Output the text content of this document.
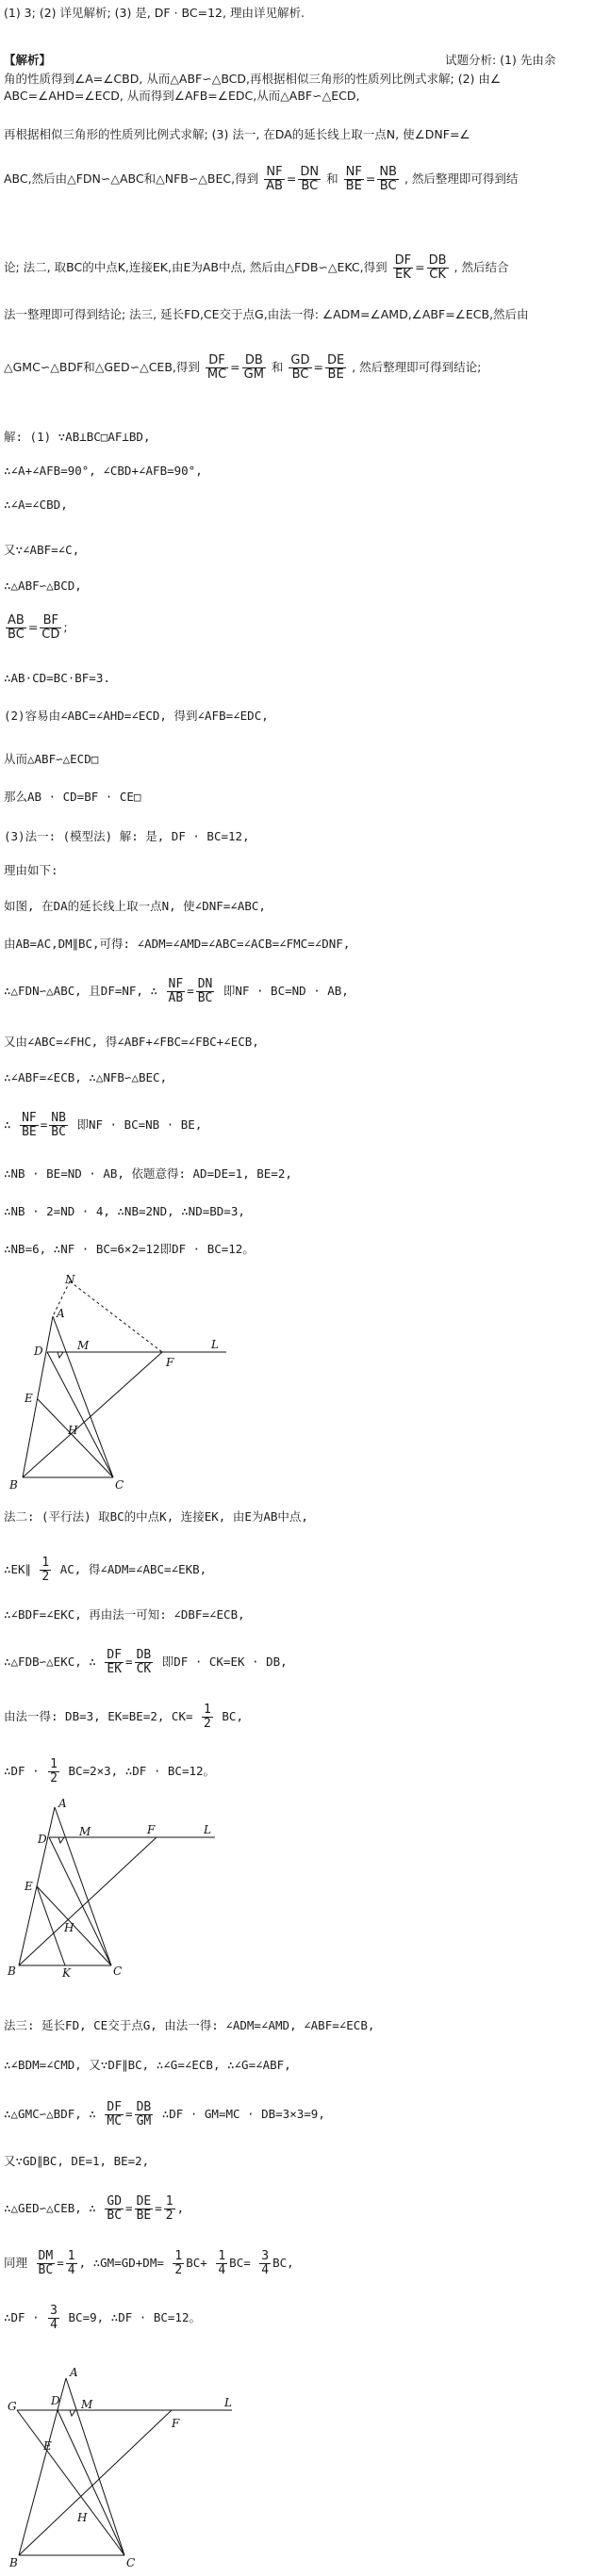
(1) 3; (2) 详见解析; (3) 是, DF · BC=12, 理由详见解析.
【解析】	试题分析: (1) 先由余
角的性质得到∠A=∠CBD, 从而△ABF∽△BCD,再根据相似三角形的性质列比例式求解; (2) 由∠
ABC=∠AHD=∠ECD, 从而得到∠AFB=∠EDC,从而△ABF∽△ECD,
再根据相似三角形的性质列比例式求解; (3) 法一, 在DA的延长线上取一点N, 使∠DNF=∠
ABC,然后由△FDN∽△ABC和△NFB∽△BEC,得到 $\frac{NF}{AB} = \frac{DN}{BC}$ 和 $\frac{NF}{BE} = \frac{NB}{BC}$ , 然后整理即可得到结
论; 法二, 取BC的中点K,连接EK,由E为AB中点, 然后由△FDB∽△EKC,得到 $\frac{DF}{EK} = \frac{DB}{CK}$ , 然后结合
法一整理即可得到结论; 法三, 延长FD,CE交于点G,由法一得: ∠ADM=∠AMD,∠ABF=∠ECB,然后由
△GMC∽△BDF和△GED∽△CEB,得到 $\frac{DF}{MC} = \frac{DB}{GM}$ 和 $\frac{GD}{BC} = \frac{DE}{BE}$ , 然后整理即可得到结论;
解: (1) ∵AB⊥BC□AF⊥BD,
∴∠A+∠AFB=90°, ∠CBD+∠AFB=90°,
∴∠A=∠CBD,
又∵∠ABF=∠C,
∴△ABF∽△BCD,
$\frac{AB}{BC} = \frac{BF}{CD}$ ;
∴AB·CD=BC·BF=3.
(2)容易由∠ABC=∠AHD=∠ECD, 得到∠AFB=∠EDC,
从而△ABF∽△ECD□
那么AB · CD=BF · CE□
(3)法一: (模型法) 解: 是, DF · BC=12,
理由如下:
如图, 在DA的延长线上取一点N, 使∠DNF=∠ABC,
由AB=AC,DM∥BC,可得: ∠ADM=∠AMD=∠ABC=∠ACB=∠FMC=∠DNF,
∴△FDN∽△ABC, 且DF=NF, ∴ $\frac{NF}{AB} = \frac{DN}{BC}$ 即NF · BC=ND · AB,
又由∠ABC=∠FHC, 得∠ABF+∠FBC=∠FBC+∠ECB,
∴∠ABF=∠ECB, ∴△NFB∽△BEC,
∴ $\frac{NF}{BE} = \frac{NB}{BC}$ 即NF · BC=NB · BE,
∴NB · BE=ND · AB, 依题意得: AD=DE=1, BE=2,
∴NB · 2=ND · 4, ∴NB=2ND, ∴ND=BD=3,
∴NB=6, ∴NF · BC=6×2=12即DF · BC=12。
N
A
D	M	L
E
F
H
B	C
法二: (平行法) 取BC的中点K, 连接EK, 由E为AB中点,
∴EK∥ $\frac{1}{2}$ AC, 得∠ADM=∠ABC=∠EKB,
∴∠BDF=∠EKC, 再由法一可知: ∠DBF=∠ECB,
∴△FDB∽△EKC, ∴ $\frac{DF}{EK} = \frac{DB}{CK}$ 即DF · CK=EK · DB,
由法一得: DB=3, EK=BE=2, $CK= \frac{1}{2}$ BC,
∴DF · $\frac{1}{2} BC=2\times 3$, ∴DF · BC=12。
A
D
M	L
E
F
H
B	K	C
法三: 延长FD, CE交于点G, 由法一得: ∠ADM=∠AMD, ∠ABF=∠ECB,
∴∠BDM=∠CMD, 又∵DF∥BC, ∴∠G=∠ECB, ∴∠G=∠ABF,
∴△GMC∽△BDF, ∴ $\frac{DF}{MC} = \frac{DB}{GM}$ ∴DF · GM=MC · DB=3×3=9,
又∵GD∥BC, DE=1, BE=2,
∴△GED∽△CEB, ∴ $\frac{GD}{BC} = \frac{DE}{BE} = \frac{1}{2}$ ,
同理 $\frac{DM}{BC} = \frac{1}{4}$ , ∴GM=GD+DM= $\frac{1}{2} BC+ \frac{1}{4} BC= \frac{3}{4}$ BC,
∴DF · $\frac{3}{4} BC=9$, ∴DF · BC=12。
A
G	D M	L
E
F
H
B	C
